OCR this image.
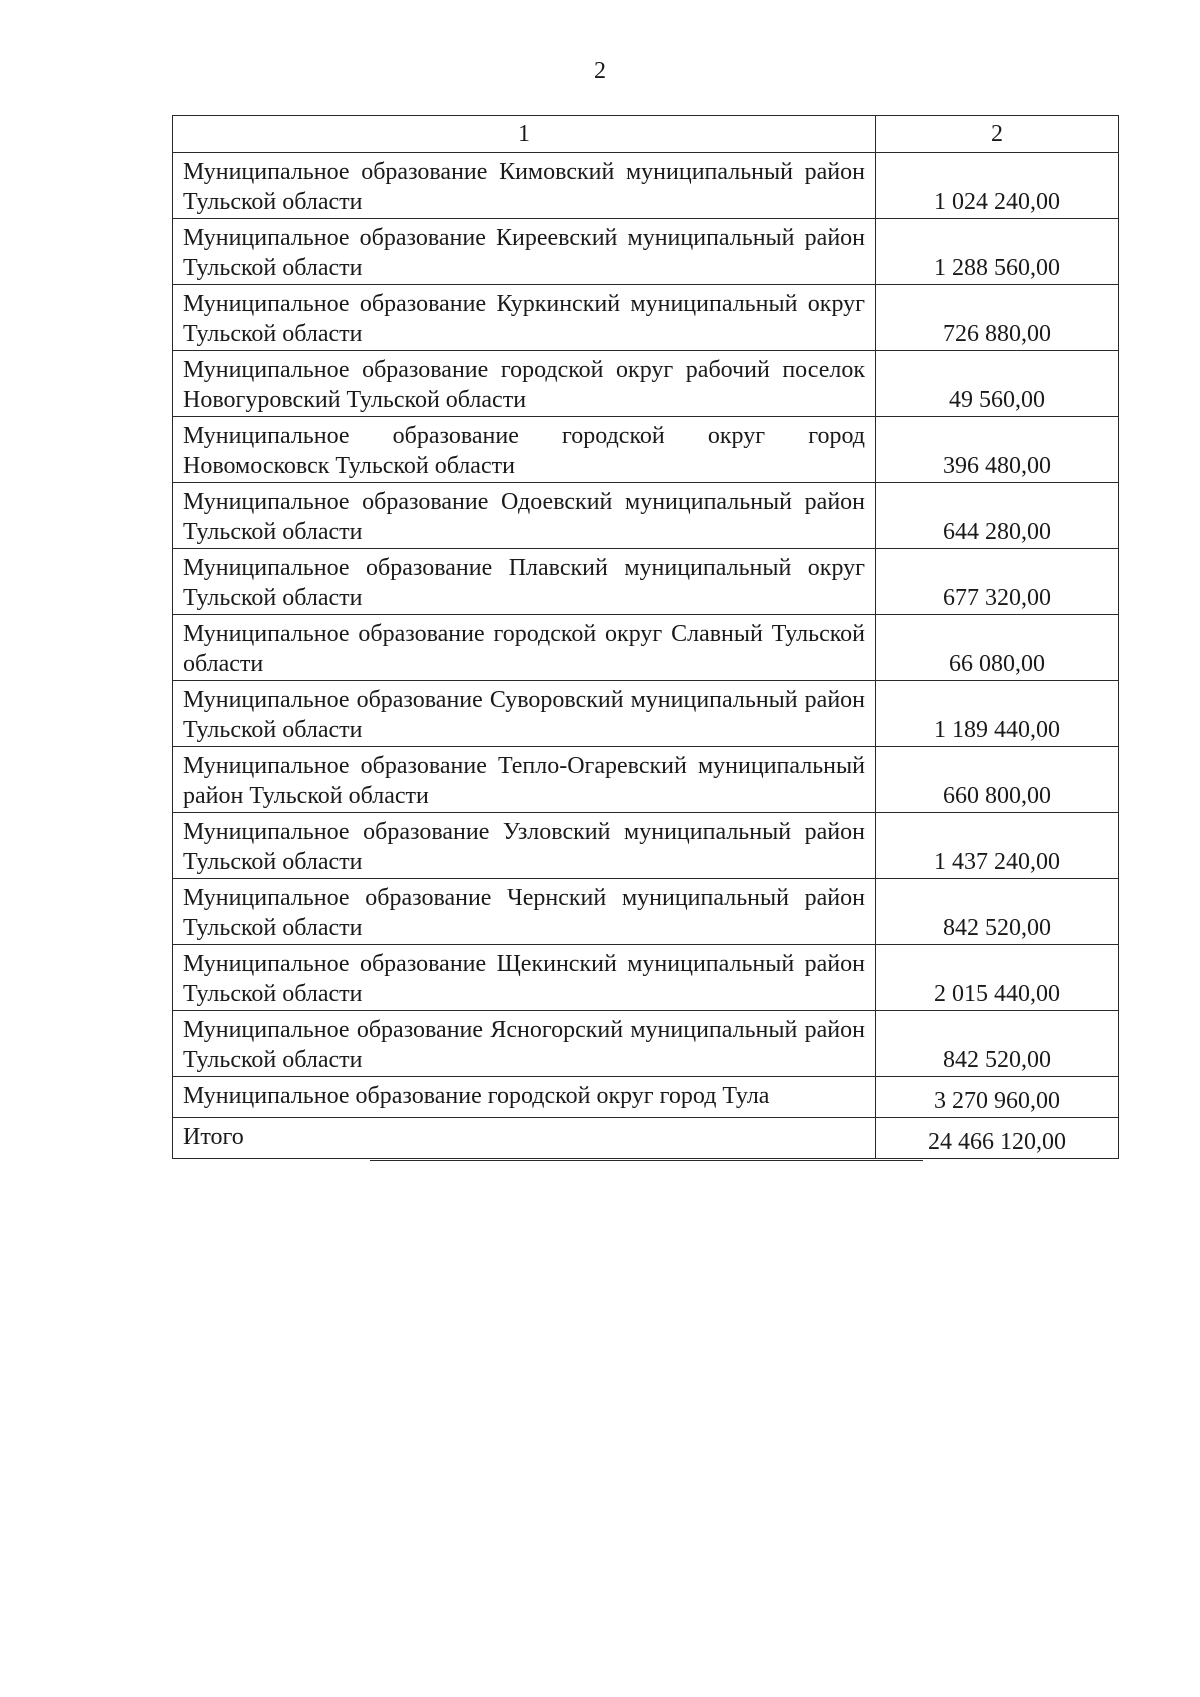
2
1	2
Муниципальное образование Кимовский муниципальный район Тульской области	1 024 240,00
Муниципальное образование Киреевский муниципальный район Тульской области	1 288 560,00
Муниципальное образование Куркинский муниципальный округ Тульской области	726 880,00
Муниципальное образование городской округ рабочий поселок Новогуровский Тульской области	49 560,00
Муниципальное образование городской округ город Новомосковск Тульской области	396 480,00
Муниципальное образование Одоевский муниципальный район Тульской области	644 280,00
Муниципальное образование Плавский муниципальный округ Тульской области	677 320,00
Муниципальное образование городской округ Славный Тульской области	66 080,00
Муниципальное образование Суворовский муниципальный район Тульской области	1 189 440,00
Муниципальное образование Тепло-Огаревский муниципальный район Тульской области	660 800,00
Муниципальное образование Узловский муниципальный район Тульской области	1 437 240,00
Муниципальное образование Чернский муниципальный район Тульской области	842 520,00
Муниципальное образование Щекинский муниципальный район Тульской области	2 015 440,00
Муниципальное образование Ясногорский муниципальный район Тульской области	842 520,00
Муниципальное образование городской округ город Тула	3 270 960,00
Итого	24 466 120,00
